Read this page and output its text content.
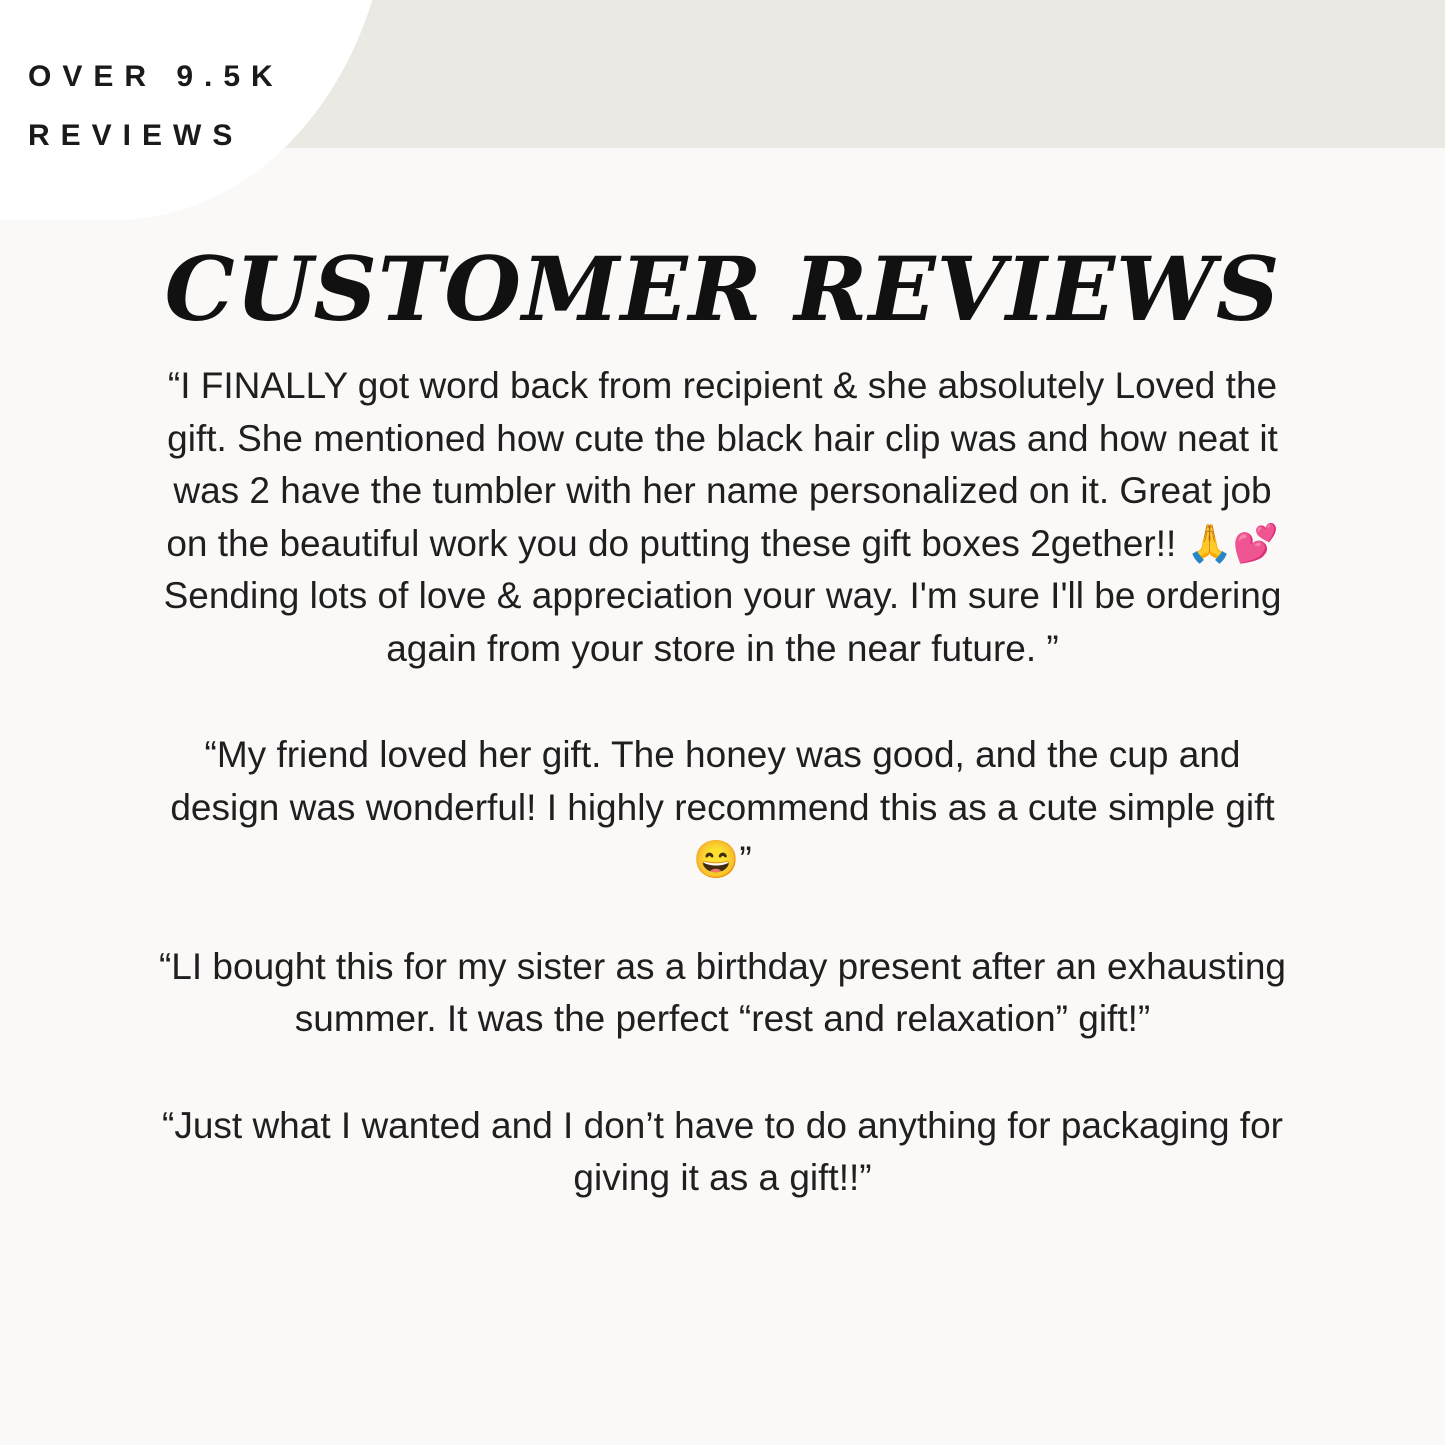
OVER 9.5K
REVIEWS
CUSTOMER REVIEWS

“I FINALLY got word back from recipient & she absolutely Loved the gift. She mentioned how cute the black hair clip was and how neat it was 2 have the tumbler with her name personalized on it. Great job on the beautiful work you do putting these gift boxes 2gether!! 🙏💕 Sending lots of love & appreciation your way. I'm sure I'll be ordering again from your store in the near future. ”

“My friend loved her gift. The honey was good, and the cup and design was wonderful! I highly recommend this as a cute simple gift😄”

“LI bought this for my sister as a birthday present after an exhausting summer. It was the perfect “rest and relaxation” gift!”

“Just what I wanted and I don’t have to do anything for packaging for giving it as a gift!!”
